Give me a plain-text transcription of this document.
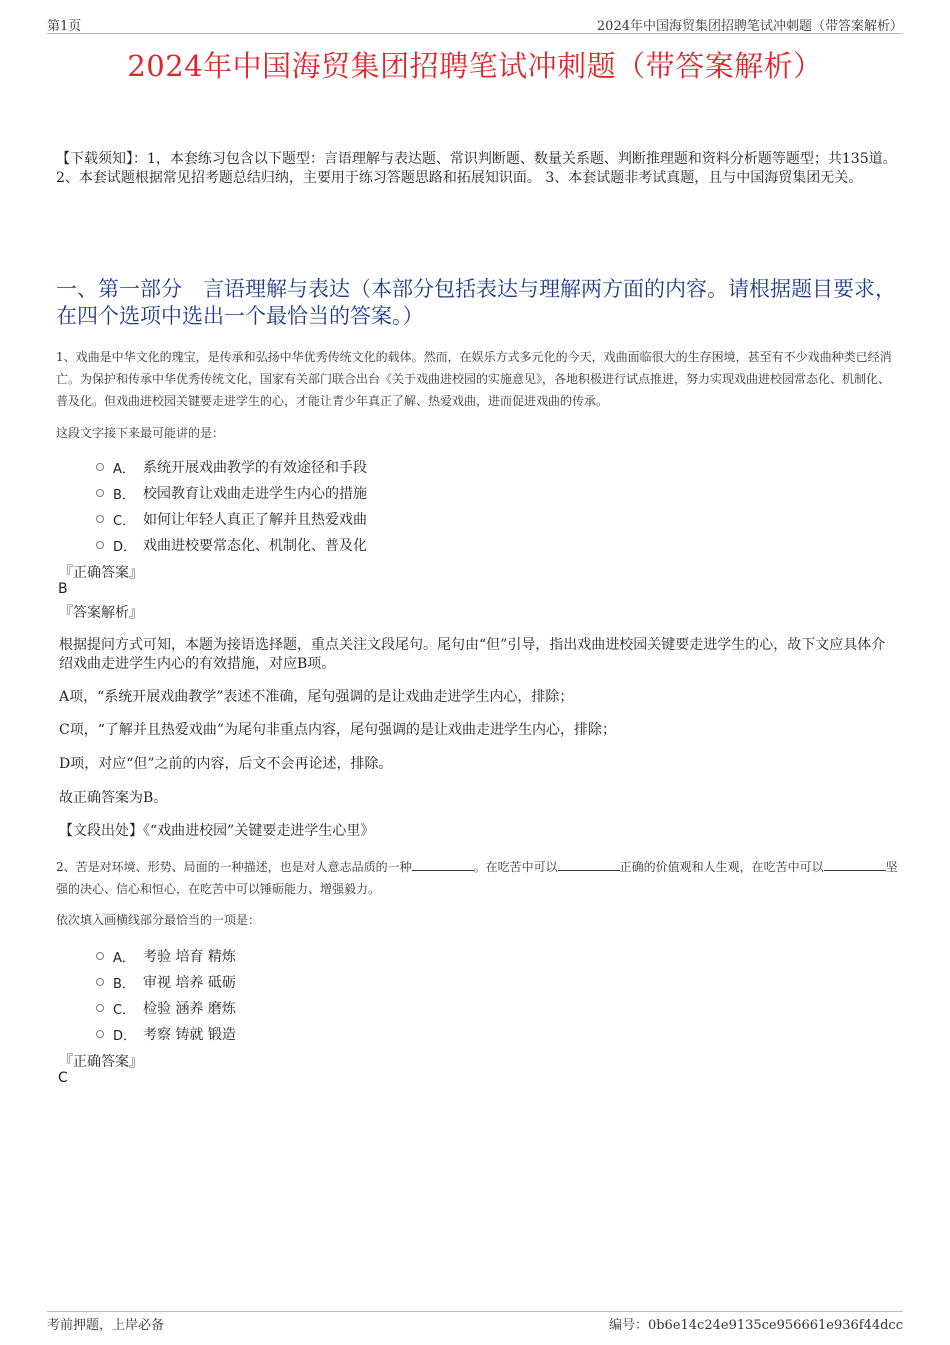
第1页	2024年中国海贸集团招聘笔试冲刺题（带答案解析）
2024年中国海贸集团招聘笔试冲刺题（带答案解析）
【下载须知】：1，本套练习包含以下题型：言语理解与表达题、常识判断题、数量关系题、判断推理题和资料分析题等题型；共135道。 2、本套试题根据常见招考题总结归纳，主要用于练习答题思路和拓展知识面。 3、本套试题非考试真题，且与中国海贸集团无关。
一、第一部分　言语理解与表达（本部分包括表达与理解两方面的内容。请根据题目要求，在四个选项中选出一个最恰当的答案。）
1、戏曲是中华文化的瑰宝，是传承和弘扬中华优秀传统文化的载体。然而，在娱乐方式多元化的今天，戏曲面临很大的生存困境，甚至有不少戏曲种类已经消亡。为保护和传承中华优秀传统文化，国家有关部门联合出台《关于戏曲进校园的实施意见》，各地积极进行试点推进，努力实现戏曲进校园常态化、机制化、普及化。但戏曲进校园关键要走进学生的心，才能让青少年真正了解、热爱戏曲，进而促进戏曲的传承。
这段文字接下来最可能讲的是：
A． 系统开展戏曲教学的有效途径和手段
B． 校园教育让戏曲走进学生内心的措施
C． 如何让年轻人真正了解并且热爱戏曲
D． 戏曲进校要常态化、机制化、普及化
『正确答案』
B
『答案解析』
根据提问方式可知，本题为接语选择题，重点关注文段尾句。尾句由“但”引导，指出戏曲进校园关键要走进学生的心，故下文应具体介绍戏曲走进学生内心的有效措施，对应B项。
A项，“系统开展戏曲教学”表述不准确，尾句强调的是让戏曲走进学生内心，排除；
C项，“了解并且热爱戏曲”为尾句非重点内容，尾句强调的是让戏曲走进学生内心，排除；
D项，对应“但”之前的内容，后文不会再论述，排除。
故正确答案为B。
【文段出处】《“戏曲进校园”关键要走进学生心里》
2、苦是对环境、形势、局面的一种描述，也是对人意志品质的一种	。在吃苦中可以	正确的价值观和人生观，在吃苦中可以	坚强的决心、信心和恒心，在吃苦中可以锤砺能力、增强毅力。
依次填入画横线部分最恰当的一项是：
A． 考验 培育 精炼
B． 审视 培养 砥砺
C． 检验 涵养 磨炼
D． 考察 铸就 锻造
『正确答案』
C
考前押题，上岸必备	编号：0b6e14c24e9135ce956661e936f44dcc
